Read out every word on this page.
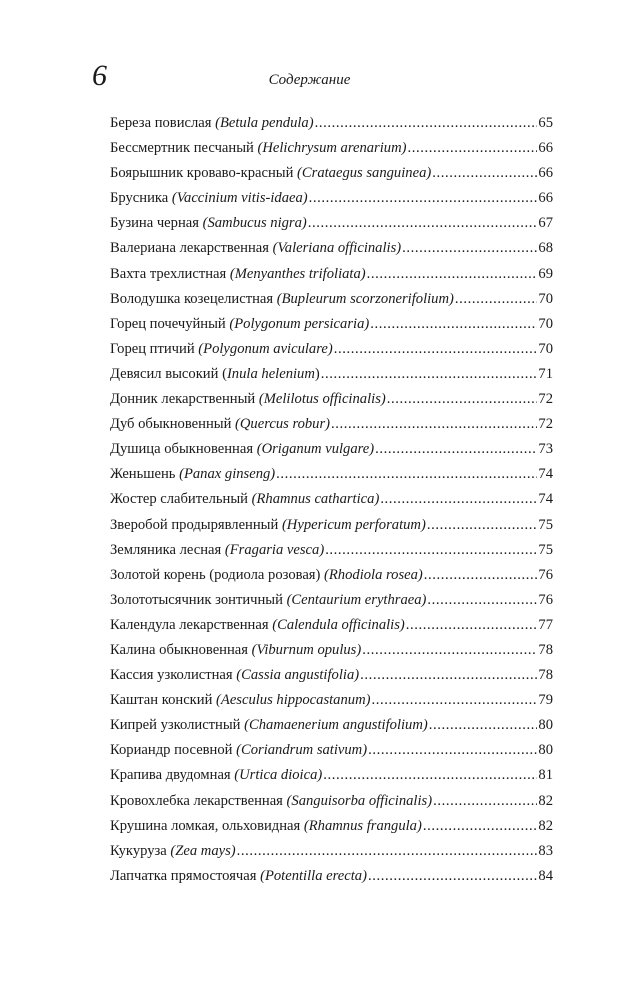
6	Содержание
Береза повислая (Betula pendula) .....	65
Бессмертник песчаный (Helichrysum arenarium) .....	66
Боярышник кроваво-красный (Crataegus sanguinea) .....	66
Брусника (Vaccinium vitis-idaea) .....	66
Бузина черная (Sambucus nigra) .....	67
Валериана лекарственная (Valeriana officinalis) .....	68
Вахта трехлистная (Menyanthes trifoliata) .....	69
Володушка козецелистная (Bupleurum scorzonerifolium) .....	70
Горец почечуйный (Polygonum persicaria) .....	70
Горец птичий (Polygonum aviculare) .....	70
Девясил высокий (Inula helenium) .....	71
Донник лекарственный (Melilotus officinalis) .....	72
Дуб обыкновенный (Quercus robur) .....	72
Душица обыкновенная (Origanum vulgare) .....	73
Женьшень (Panax ginseng) .....	74
Жостер слабительный (Rhamnus cathartica) .....	74
Зверобой продырявленный (Hypericum perforatum) .....	75
Земляника лесная (Fragaria vesca) .....	75
Золотой корень (родиола розовая) (Rhodiola rosea) .....	76
Золототысячник зонтичный (Centaurium erythraea) .....	76
Календула лекарственная (Calendula officinalis) .....	77
Калина обыкновенная (Viburnum opulus) .....	78
Кассия узколистная (Cassia angustifolia) .....	78
Каштан конский (Aesculus hippocastanum) .....	79
Кипрей узколистный (Chamaenerium angustifolium) .....	80
Кориандр посевной (Coriandrum sativum) .....	80
Крапива двудомная (Urtica dioica) .....	81
Кровохлебка лекарственная (Sanguisorba officinalis) .....	82
Крушина ломкая, ольховидная (Rhamnus frangula) .....	82
Кукуруза (Zea mays) .....	83
Лапчатка прямостоячая (Potentilla erecta) .....	84
